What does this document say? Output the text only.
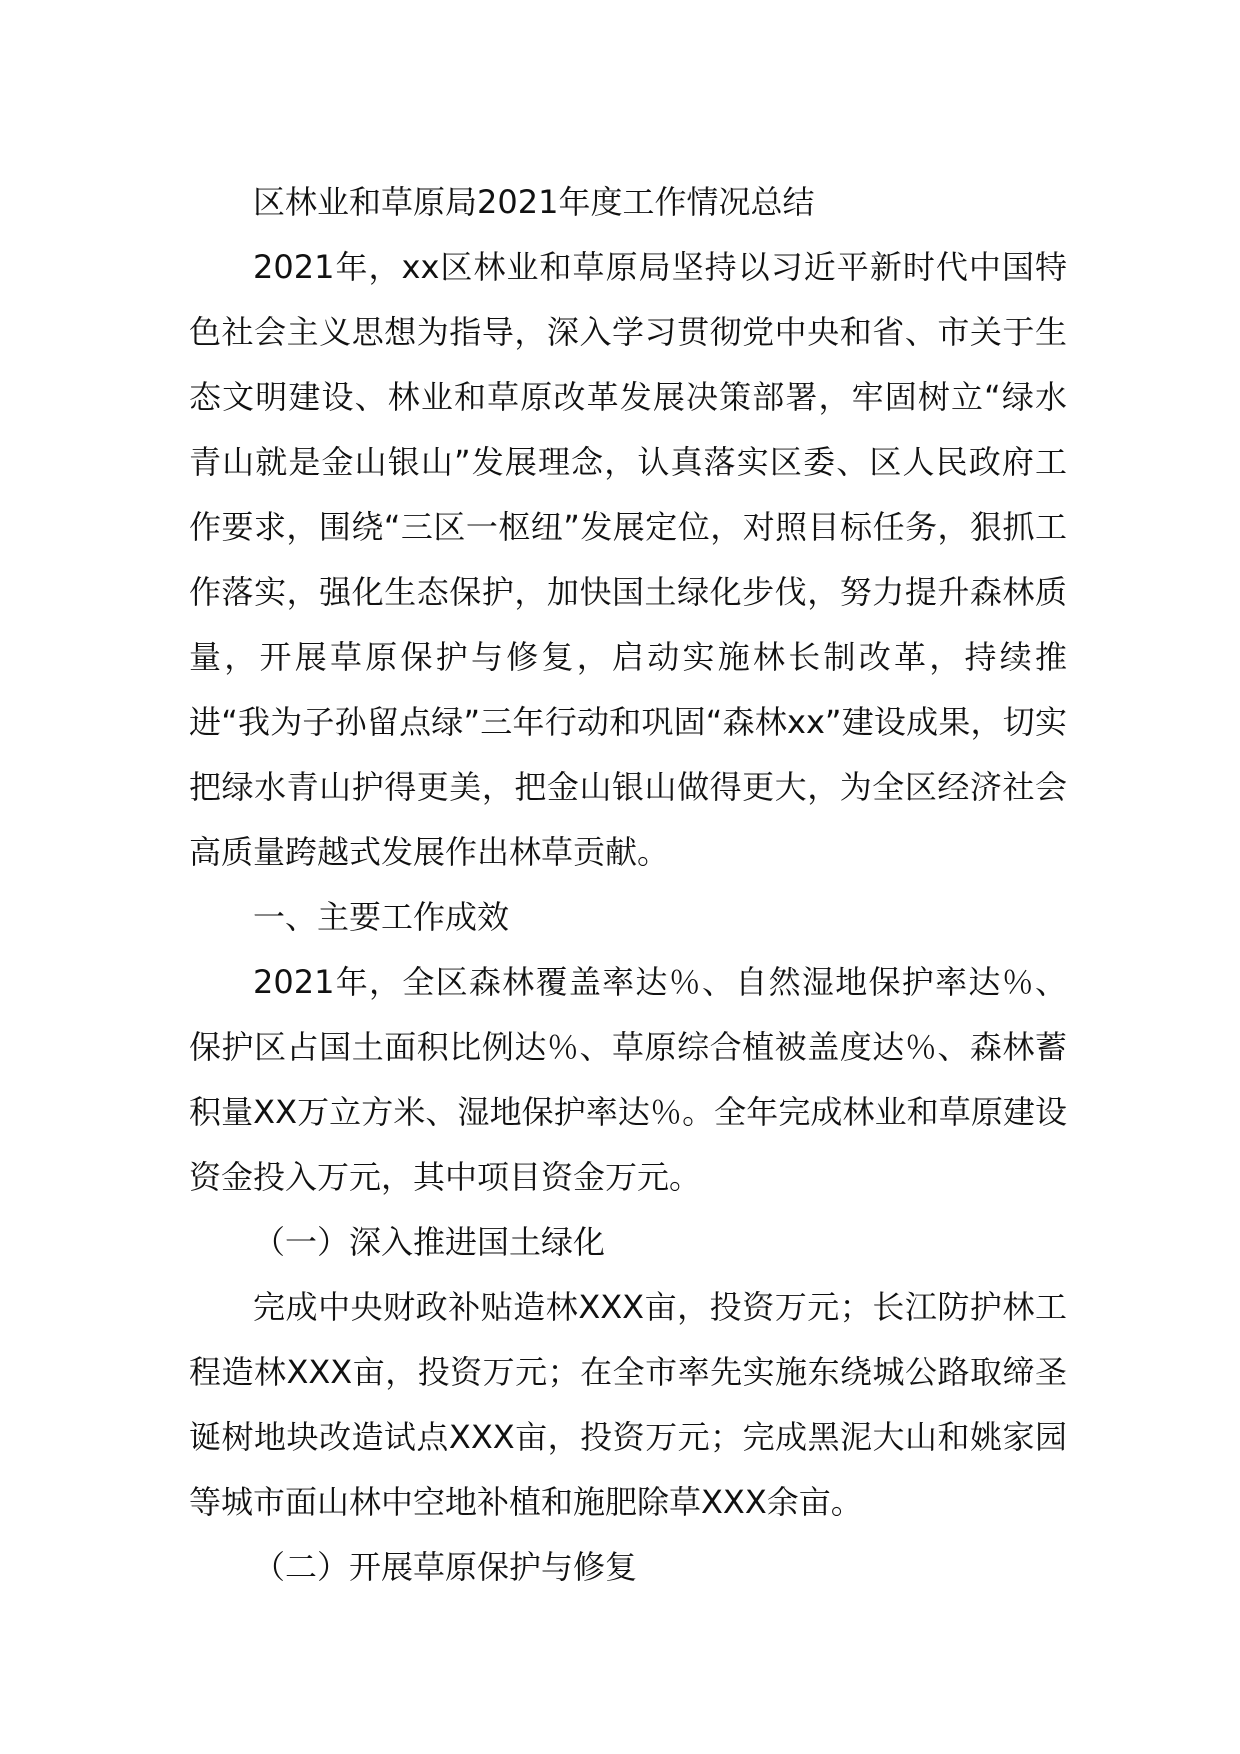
区林业和草原局2021年度工作情况总结

2021年，xx区林业和草原局坚持以习近平新时代中国特色社会主义思想为指导，深入学习贯彻党中央和省、市关于生态文明建设、林业和草原改革发展决策部署，牢固树立“绿水青山就是金山银山”发展理念，认真落实区委、区人民政府工作要求，围绕“三区一枢纽”发展定位，对照目标任务，狠抓工作落实，强化生态保护，加快国土绿化步伐，努力提升森林质量，开展草原保护与修复，启动实施林长制改革，持续推进“我为子孙留点绿”三年行动和巩固“森林xx”建设成果，切实把绿水青山护得更美，把金山银山做得更大，为全区经济社会高质量跨越式发展作出林草贡献。

一、主要工作成效

2021年，全区森林覆盖率达％、自然湿地保护率达％、保护区占国土面积比例达％、草原综合植被盖度达％、森林蓄积量XX万立方米、湿地保护率达％。全年完成林业和草原建设资金投入万元，其中项目资金万元。

（一）深入推进国土绿化

完成中央财政补贴造林XXX亩，投资万元；长江防护林工程造林XXX亩，投资万元；在全市率先实施东绕城公路取缔圣诞树地块改造试点XXX亩，投资万元；完成黑泥大山和姚家园等城市面山林中空地补植和施肥除草XXX余亩。

（二）开展草原保护与修复
